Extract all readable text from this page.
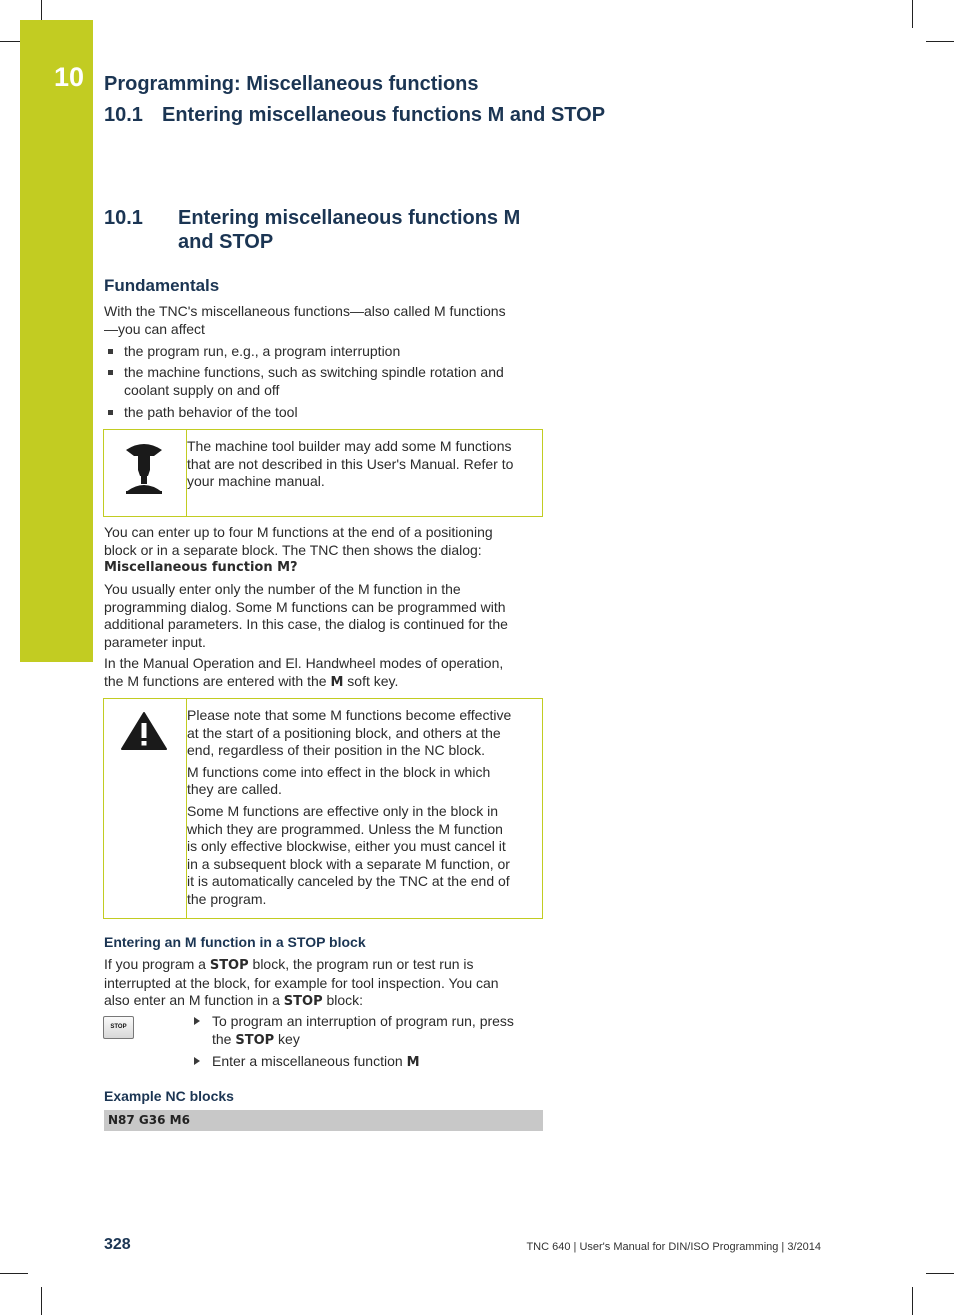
10 Programming: Miscellaneous functions
10.1 Entering miscellaneous functions M and STOP
10.1 Entering miscellaneous functions M
and STOP
Fundamentals
With the TNC's miscellaneous functions—also called M functions
—you can affect
the program run, e.g., a program interruption
the machine functions, such as switching spindle rotation and
coolant supply on and off
the path behavior of the tool
The machine tool builder may add some M functions
that are not described in this User's Manual. Refer to
your machine manual.
You can enter up to four M functions at the end of a positioning
block or in a separate block. The TNC then shows the dialog:
Miscellaneous function M?
You usually enter only the number of the M function in the
programming dialog. Some M functions can be programmed with
additional parameters. In this case, the dialog is continued for the
parameter input.
In the Manual Operation and El. Handwheel modes of operation,
the M functions are entered with the M soft key.
Please note that some M functions become effective
at the start of a positioning block, and others at the
end, regardless of their position in the NC block.
M functions come into effect in the block in which
they are called.
Some M functions are effective only in the block in
which they are programmed. Unless the M function
is only effective blockwise, either you must cancel it
in a subsequent block with a separate M function, or
it is automatically canceled by the TNC at the end of
the program.
Entering an M function in a STOP block
If you program a STOP block, the program run or test run is
interrupted at the block, for example for tool inspection. You can
also enter an M function in a STOP block:
STOP	To program an interruption of program run, press
the STOP key
Enter a miscellaneous function M
Example NC blocks
N87 G36 M6
328	TNC 640 | User's Manual for DIN/ISO Programming | 3/2014
